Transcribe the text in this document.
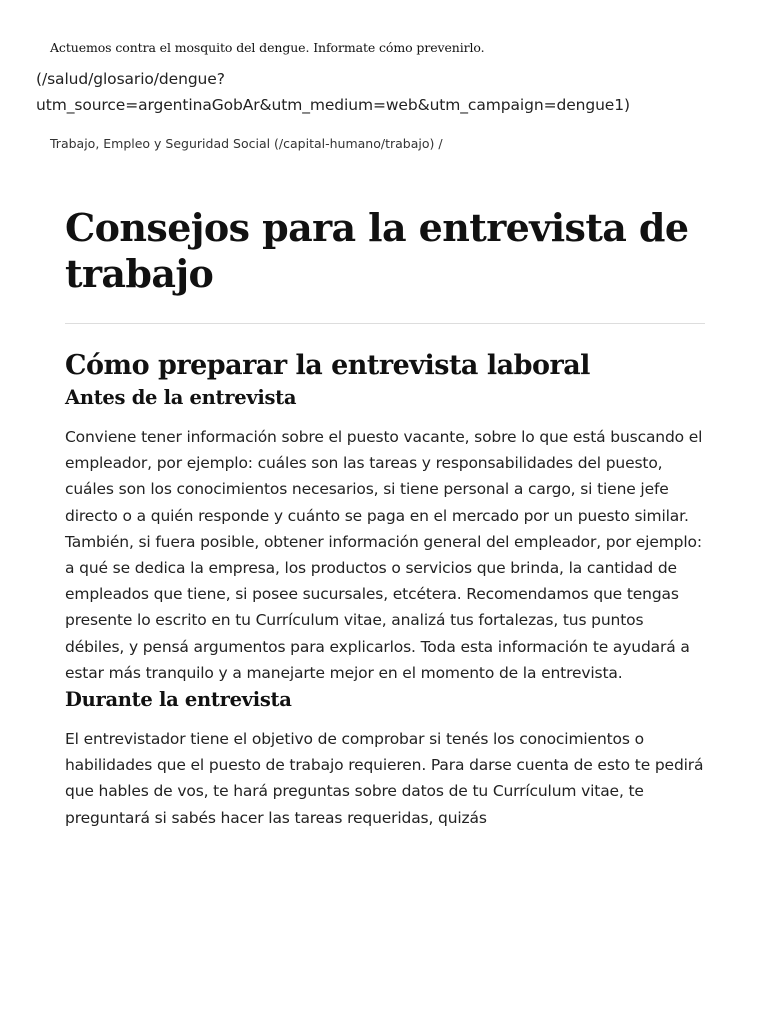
Actuemos contra el mosquito del dengue. Informate cómo prevenirlo.
(/salud/glosario/dengue?
utm_source=argentinaGobAr&utm_medium=web&utm_campaign=dengue1)
Trabajo, Empleo y Seguridad Social (/capital-humano/trabajo) /
Consejos para la entrevista de trabajo
Cómo preparar la entrevista laboral
Antes de la entrevista

Conviene tener información sobre el puesto vacante, sobre lo que está buscando el empleador, por ejemplo: cuáles son las tareas y responsabilidades del puesto, cuáles son los conocimientos necesarios, si tiene personal a cargo, si tiene jefe directo o a quién responde y cuánto se paga en el mercado por un puesto similar. También, si fuera posible, obtener información general del empleador, por ejemplo: a qué se dedica la empresa, los productos o servicios que brinda, la cantidad de empleados que tiene, si posee sucursales, etcétera. Recomendamos que tengas presente lo escrito en tu Currículum vitae, analizá tus fortalezas, tus puntos débiles, y pensá argumentos para explicarlos. Toda esta información te ayudará a estar más tranquilo y a manejarte mejor en el momento de la entrevista.

Durante la entrevista

El entrevistador tiene el objetivo de comprobar si tenés los conocimientos o habilidades que el puesto de trabajo requieren. Para darse cuenta de esto te pedirá que hables de vos, te hará preguntas sobre datos de tu Currículum vitae, te preguntará si sabés hacer las tareas requeridas, quizás
